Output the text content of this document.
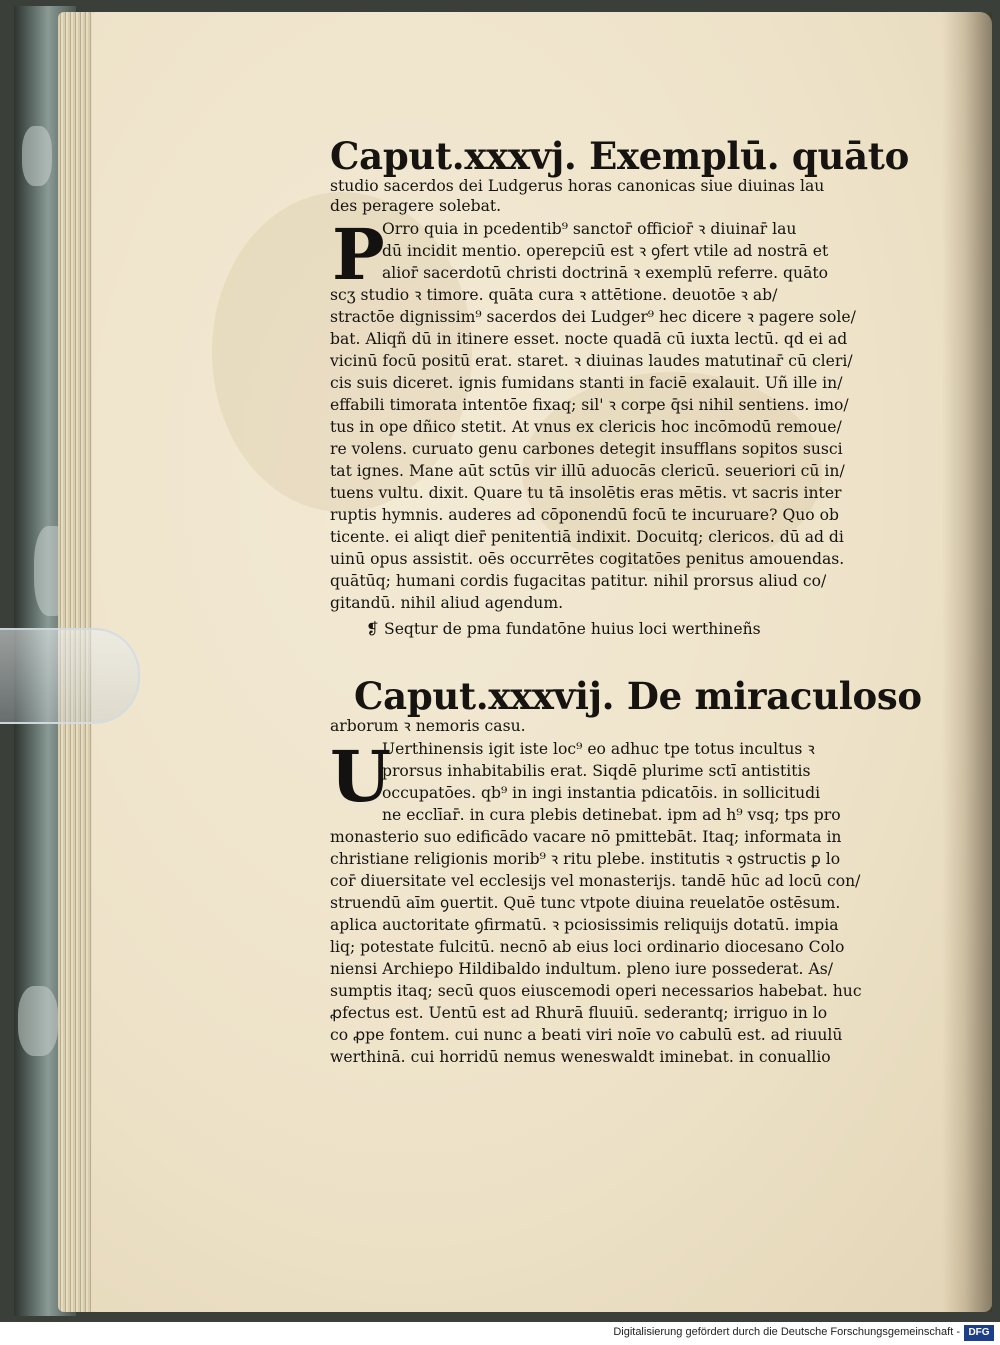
Caput.xxxvj. Exemplū. quāto
studio sacerdos dei Ludgerus horas canonicas siue diuinas lau
des peragere solebat.
P
Orro quia in pcedentib⁹ sanctor̄ officior̄ ꝛ diuinar̄ lau
dū incidit mentio. operepciū est ꝛ ꝯfert vtile ad nostrā et
alior̄ sacerdotū christi doctrinā ꝛ exemplū referre. quāto
scʒ studio ꝛ timore. quāta cura ꝛ attētione. deuotōe ꝛ ab/
stractōe dignissim⁹ sacerdos dei Ludger⁹ hec dicere ꝛ pagere sole/
bat. Aliqñ dū in itinere esset. nocte quadā cū iuxta lectū. qd ei ad
vicinū focū positū erat. staret. ꝛ diuinas laudes matutinar̄ cū cleri/
cis suis diceret. ignis fumidans stanti in faciē exalauit. Uñ ille in/
effabili timorata intentōe fixaq; sil' ꝛ corpe q̄si nihil sentiens. imo/
tus in ope dñico stetit. At vnus ex clericis hoc incōmodū remoue/
re volens. curuato genu carbones detegit insufflans sopitos susci
tat ignes. Mane aūt sctūs vir illū aduocās clericū. seueriori cū in/
tuens vultu. dixit. Quare tu tā insolētis eras mētis. vt sacris inter
ruptis hymnis. auderes ad cōponendū focū te incuruare? Quo ob
ticente. ei aliqt dier̄ penitentiā indixit. Docuitq; clericos. dū ad di
uinū opus assistit. oēs occurrētes cogitatōes penitus amouendas.
quātūq; humani cordis fugacitas patitur. nihil prorsus aliud co/
gitandū. nihil aliud agendum.
❡ Seqtur de pma fundatōne huius loci werthineñs
Caput.xxxvij. De miraculoso
arborum ꝛ nemoris casu.
U
Uerthinensis igit iste loc⁹ eo adhuc tpe totus incultus ꝛ
prorsus inhabitabilis erat. Siqdē plurime sctī antistitis
occupatōes. qb⁹ in ingi instantia pdicatōis. in sollicitudi
ne ecclīar̄. in cura plebis detinebat. ipm ad h⁹ vsq; tps pro
monasterio suo edificādo vacare nō pmittebāt. Itaq; informata in
christiane religionis morib⁹ ꝛ ritu plebe. institutis ꝛ ꝯstructis ꝑ lo
cor̄ diuersitate vel ecclesijs vel monasterijs. tandē hūc ad locū con/
struendū aīm ꝯuertit. Quē tunc vtpote diuina reuelatōe ostēsum.
aplica auctoritate ꝯfirmatū. ꝛ pciosissimis reliquijs dotatū. impia
liq; potestate fulcitū. necnō ab eius loci ordinario diocesano Colo
niensi Archiepo Hildibaldo indultum. pleno iure possederat. As/
sumptis itaq; secū quos eiuscemodi operi necessarios habebat. huc
ꝓfectus est. Uentū est ad Rhurā fluuiū. sederantq; irriguo in lo
co ꝓpe fontem. cui nunc a beati viri noīe vo cabulū est. ad riuulū
werthinā. cui horridū nemus weneswaldt iminebat. in conuallio
Digitalisierung gefördert durch die Deutsche Forschungsgemeinschaft - DFG
